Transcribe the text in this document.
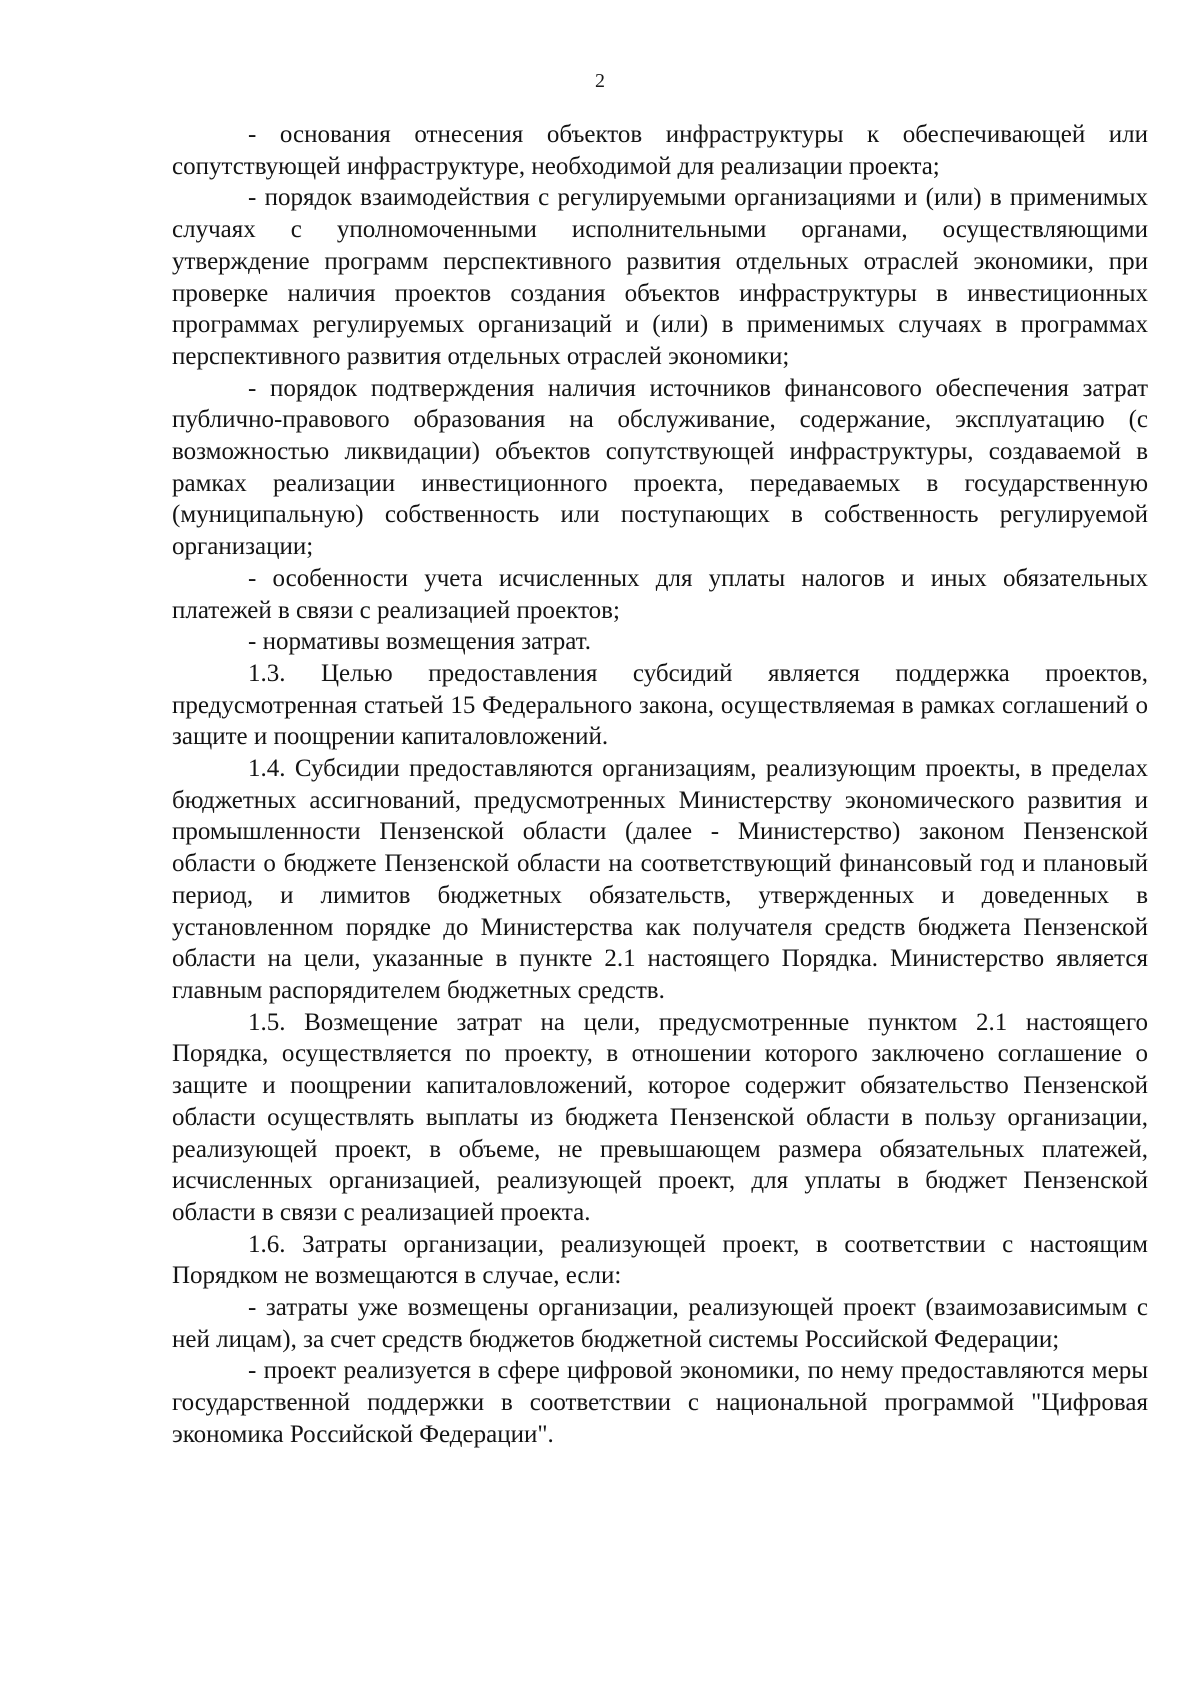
2

- основания отнесения объектов инфраструктуры к обеспечивающей или сопутствующей инфраструктуре, необходимой для реализации проекта;

- порядок взаимодействия с регулируемыми организациями и (или) в применимых случаях с уполномоченными исполнительными органами, осуществляющими утверждение программ перспективного развития отдельных отраслей экономики, при проверке наличия проектов создания объектов инфраструктуры в инвестиционных программах регулируемых организаций и (или) в применимых случаях в программах перспективного развития отдельных отраслей экономики;

- порядок подтверждения наличия источников финансового обеспечения затрат публично-правового образования на обслуживание, содержание, эксплуатацию (с возможностью ликвидации) объектов сопутствующей инфраструктуры, создаваемой в рамках реализации инвестиционного проекта, передаваемых в государственную (муниципальную) собственность или поступающих в собственность регулируемой организации;

- особенности учета исчисленных для уплаты налогов и иных обязательных платежей в связи с реализацией проектов;

- нормативы возмещения затрат.

1.3. Целью предоставления субсидий является поддержка проектов, предусмотренная статьей 15 Федерального закона, осуществляемая в рамках соглашений о защите и поощрении капиталовложений.

1.4. Субсидии предоставляются организациям, реализующим проекты, в пределах бюджетных ассигнований, предусмотренных Министерству экономического развития и промышленности Пензенской области (далее - Министерство) законом Пензенской области о бюджете Пензенской области на соответствующий финансовый год и плановый период, и лимитов бюджетных обязательств, утвержденных и доведенных в установленном порядке до Министерства как получателя средств бюджета Пензенской области на цели, указанные в пункте 2.1 настоящего Порядка. Министерство является главным распорядителем бюджетных средств.

1.5. Возмещение затрат на цели, предусмотренные пунктом 2.1 настоящего Порядка, осуществляется по проекту, в отношении которого заключено соглашение о защите и поощрении капиталовложений, которое содержит обязательство Пензенской области осуществлять выплаты из бюджета Пензенской области в пользу организации, реализующей проект, в объеме, не превышающем размера обязательных платежей, исчисленных организацией, реализующей проект, для уплаты в бюджет Пензенской области в связи с реализацией проекта.

1.6. Затраты организации, реализующей проект, в соответствии с настоящим Порядком не возмещаются в случае, если:

- затраты уже возмещены организации, реализующей проект (взаимозависимым с ней лицам), за счет средств бюджетов бюджетной системы Российской Федерации;

- проект реализуется в сфере цифровой экономики, по нему предоставляются меры государственной поддержки в соответствии с национальной программой "Цифровая экономика Российской Федерации".
